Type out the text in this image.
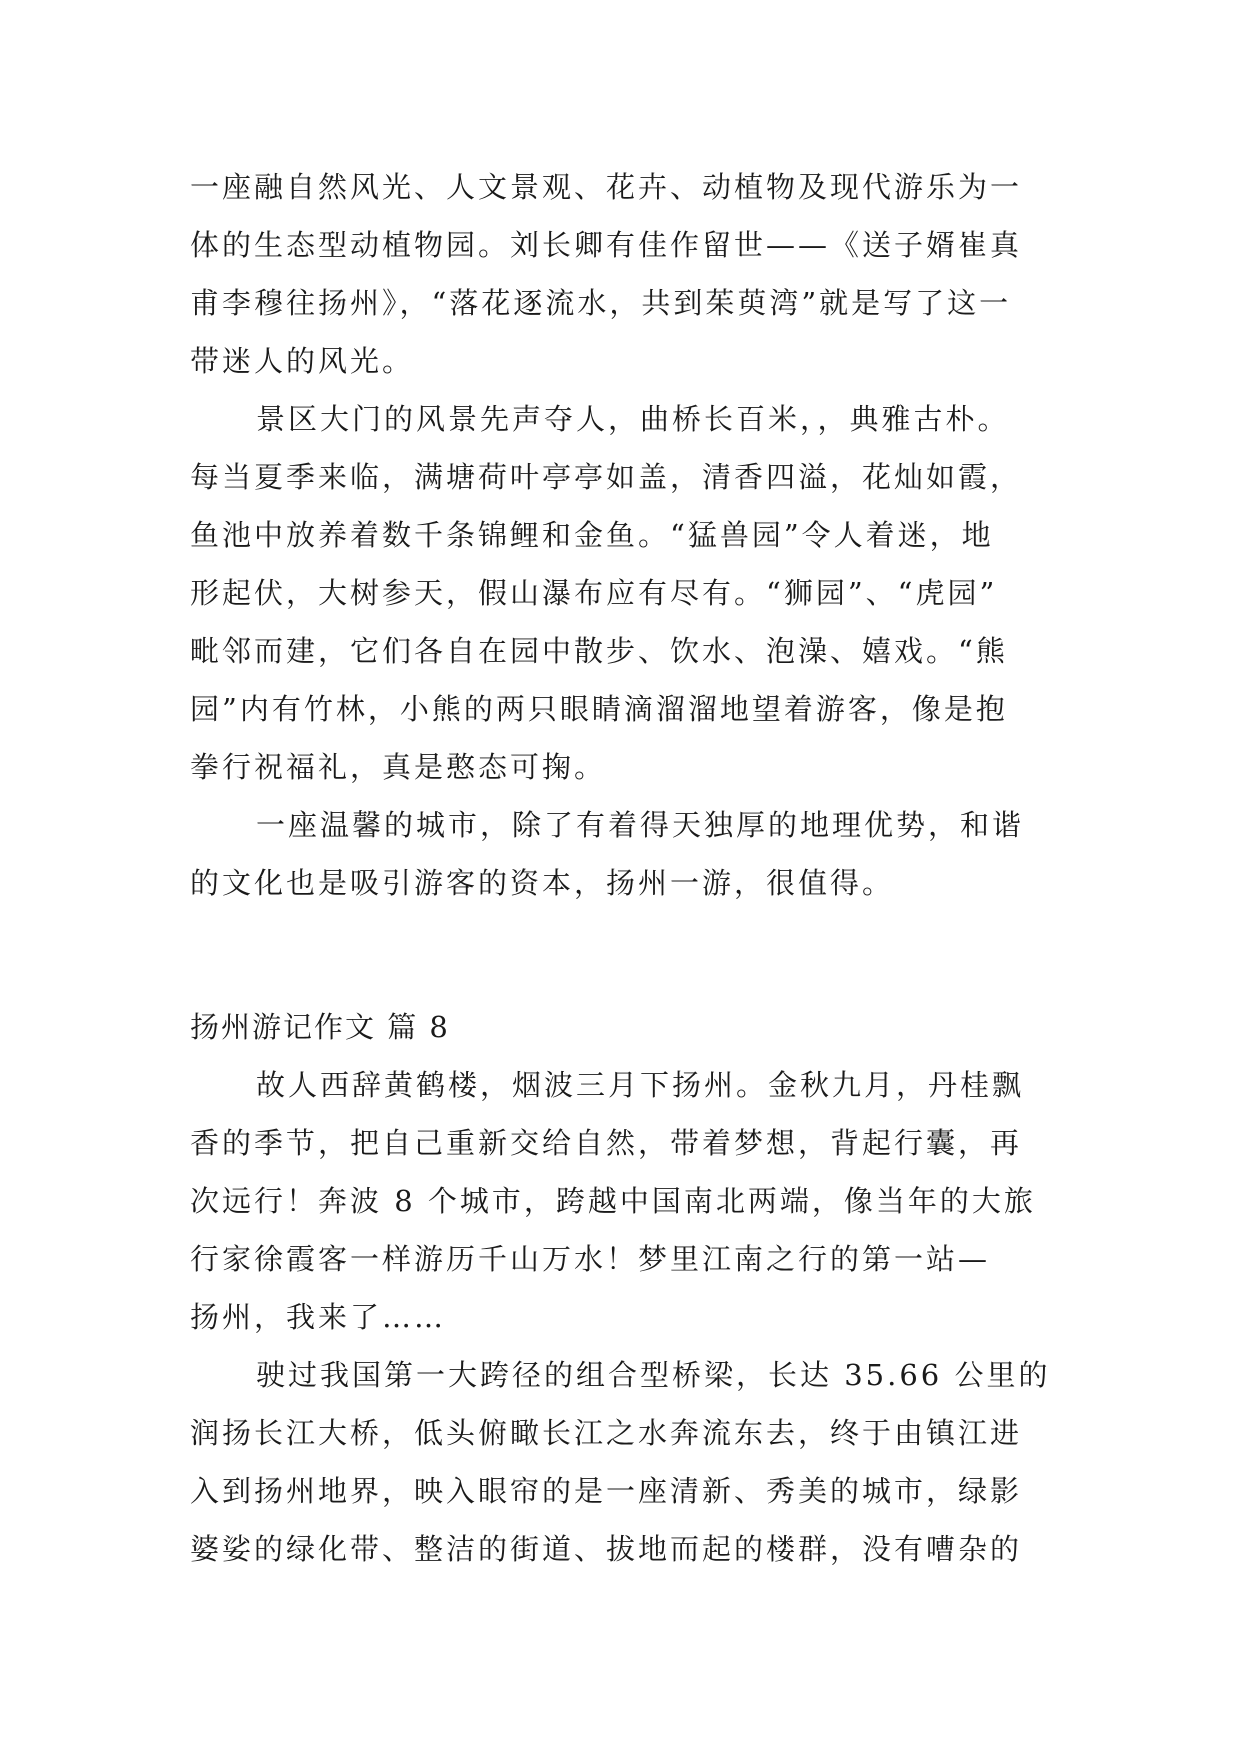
一座融自然风光、人文景观、花卉、动植物及现代游乐为一
体的生态型动植物园。刘长卿有佳作留世——《送子婿崔真
甫李穆往扬州》，“落花逐流水，共到茱萸湾”就是写了这一
带迷人的风光。
景区大门的风景先声夺人，曲桥长百米，，典雅古朴。
每当夏季来临，满塘荷叶亭亭如盖，清香四溢，花灿如霞，
鱼池中放养着数千条锦鲤和金鱼。“猛兽园”令人着迷，地
形起伏，大树参天，假山瀑布应有尽有。“狮园”、“虎园”
毗邻而建，它们各自在园中散步、饮水、泡澡、嬉戏。“熊
园”内有竹林，小熊的两只眼睛滴溜溜地望着游客，像是抱
拳行祝福礼，真是憨态可掬。
一座温馨的城市，除了有着得天独厚的地理优势，和谐
的文化也是吸引游客的资本，扬州一游，很值得。
扬州游记作文 篇 8
故人西辞黄鹤楼，烟波三月下扬州。金秋九月，丹桂飘
香的季节，把自己重新交给自然，带着梦想，背起行囊，再
次远行！奔波 8 个城市，跨越中国南北两端，像当年的大旅
行家徐霞客一样游历千山万水！梦里江南之行的第一站—
扬州，我来了……
驶过我国第一大跨径的组合型桥梁，长达 35.66 公里的
润扬长江大桥，低头俯瞰长江之水奔流东去，终于由镇江进
入到扬州地界，映入眼帘的是一座清新、秀美的城市，绿影
婆娑的绿化带、整洁的街道、拔地而起的楼群，没有嘈杂的
